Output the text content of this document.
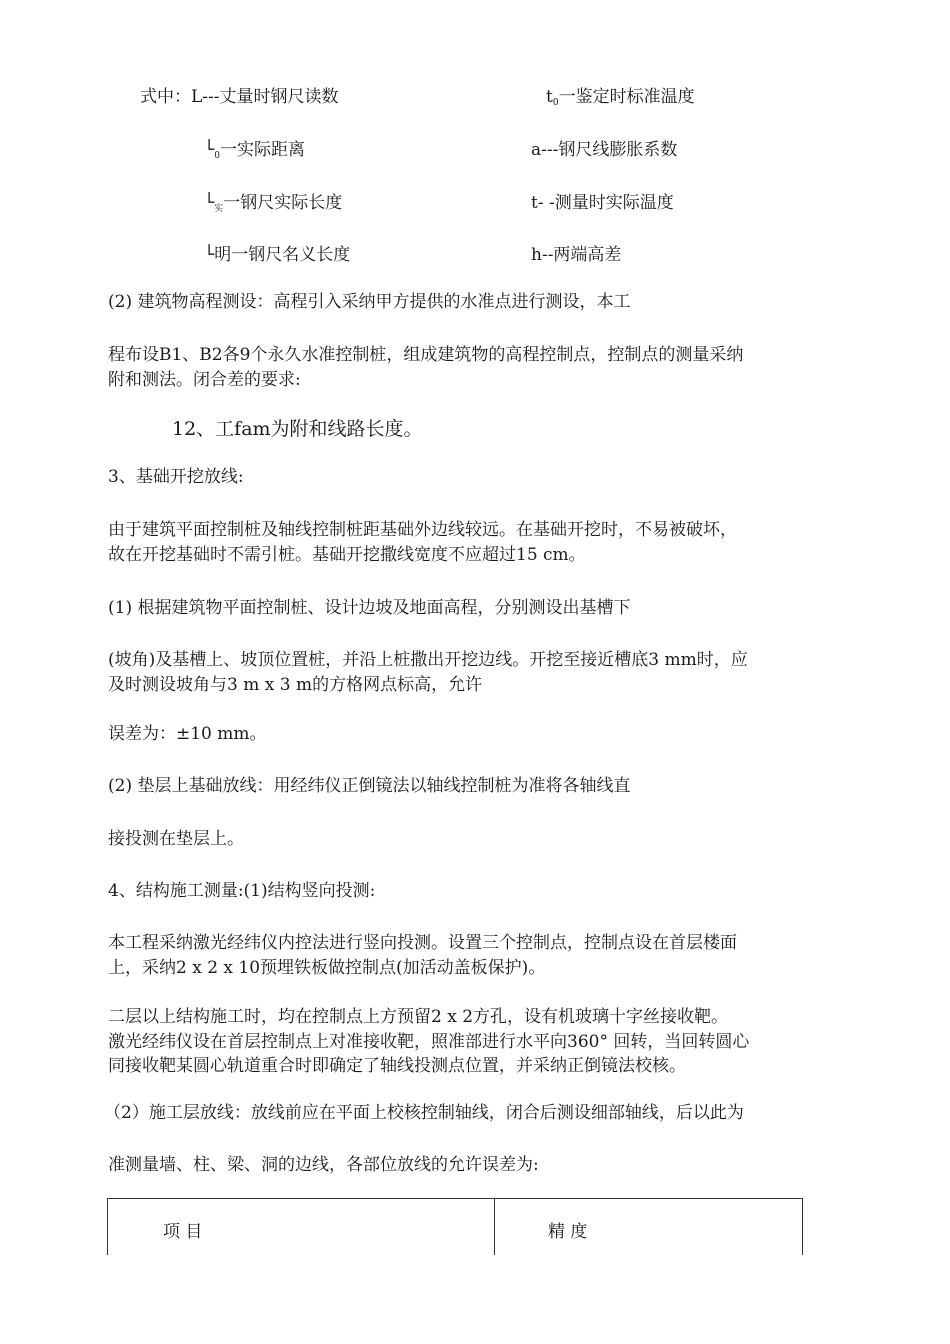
式中：L---丈量时钢尺读数
$└_0$一实际距离
$└_实$一钢尺实际长度
└明一钢尺名义长度
$t_0$一鉴定时标准温度
a---钢尺线膨胀系数
t- -测量时实际温度
h--两端高差
(2) 建筑物高程测设：高程引入采纳甲方提供的水准点进行测设，本工
程布设B1、B2各9个永久水准控制桩，组成建筑物的高程控制点，控制点的测量采纳
附和测法。闭合差的要求:
12、工fam为附和线路长度。
3、基础开挖放线:
由于建筑平面控制桩及轴线控制桩距基础外边线较远。在基础开挖时，不易被破坏，
故在开挖基础时不需引桩。基础开挖撒线宽度不应超过15 cm。
(1) 根据建筑物平面控制桩、设计边坡及地面高程，分别测设出基槽下
(坡角)及基槽上、坡顶位置桩，并沿上桩撒出开挖边线。开挖至接近槽底3 mm时，应
及时测设坡角与3 m x 3 m的方格网点标高，允许
误差为：±10 mm。
(2) 垫层上基础放线：用经纬仪正倒镜法以轴线控制桩为准将各轴线直
接投测在垫层上。
4、结构施工测量:(1)结构竖向投测:
本工程采纳激光经纬仪内控法进行竖向投测。设置三个控制点，控制点设在首层楼面
上，采纳2 x 2 x 10预埋铁板做控制点(加活动盖板保护)。
二层以上结构施工时，均在控制点上方预留2 x 2方孔，设有机玻璃十字丝接收靶。
激光经纬仪设在首层控制点上对准接收靶，照准部进行水平向360° 回转，当回转圆心
同接收靶某圆心轨道重合时即确定了轴线投测点位置，并采纳正倒镜法校核。
（2）施工层放线：放线前应在平面上校核控制轴线，闭合后测设细部轴线，后以此为
准测量墙、柱、梁、洞的边线，各部位放线的允许误差为:
项 目	精 度
